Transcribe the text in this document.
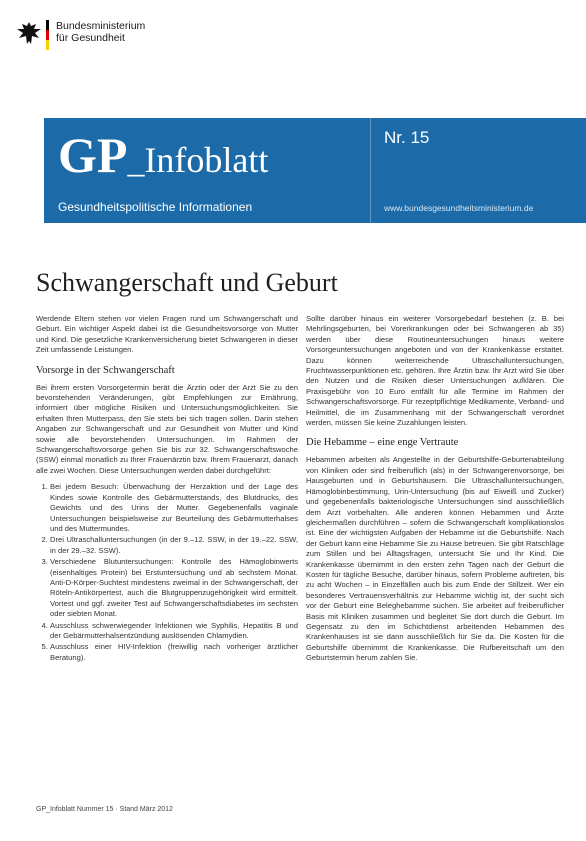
Bundesministerium
für Gesundheit
GP_Infoblatt
Gesundheitspolitische Informationen
Nr. 15
www.bundesgesundheitsministerium.de
Schwangerschaft und Geburt

Werdende Eltern stehen vor vielen Fragen rund um Schwangerschaft und Geburt. Ein wichtiger Aspekt dabei ist die Gesundheitsvorsorge von Mutter und Kind. Die gesetzliche Krankenversicherung bietet Schwangeren in dieser Zeit umfassende Leistungen.

Vorsorge in der Schwangerschaft

Bei ihrem ersten Vorsorgetermin berät die Ärztin oder der Arzt Sie zu den bevorstehenden Veränderungen, gibt Empfehlungen zur Ernährung, informiert über mögliche Risiken und Untersuchungsmöglichkeiten. Sie erhalten Ihren Mutterpass, den Sie stets bei sich tragen sollen. Darin stehen Angaben zur Schwangerschaft und zur Gesundheit von Mutter und Kind sowie alle bevorstehenden Untersuchungen. Im Rahmen der Schwangerschaftsvorsorge gehen Sie bis zur 32. Schwangerschaftswoche (SSW) einmal monatlich zu Ihrer Frauenärztin bzw. Ihrem Frauenarzt, danach alle zwei Wochen. Diese Untersuchungen werden dabei durchgeführt:

1. Bei jedem Besuch: Überwachung der Herzaktion und der Lage des Kindes sowie Kontrolle des Gebärmutterstands, des Blutdrucks, des Gewichts und des Urins der Mutter. Gegebenenfalls vaginale Untersuchungen beispielsweise zur Beurteilung des Gebärmutterhalses und des Muttermundes.
2. Drei Ultraschalluntersuchungen (in der 9.–12. SSW, in der 19.–22. SSW, in der 29.–32. SSW).
3. Verschiedene Blutuntersuchungen: Kontrolle des Hämoglobinwerts (eisenhaltiges Protein) bei Erstuntersuchung und ab sechstem Monat. Anti-D-Körper-Suchtest mindestens zweimal in der Schwangerschaft, der Röteln-Antikörpertest, auch die Blutgruppenzugehörigkeit wird ermittelt. Vortest und ggf. zweiter Test auf Schwangerschaftsdiabetes im sechsten oder siebten Monat.
4. Ausschluss schwerwiegender Infektionen wie Syphilis, Hepatitis B und der Gebärmutterhalsentzündung auslösenden Chlamydien.
5. Ausschluss einer HIV-Infektion (freiwillig nach vorheriger ärztlicher Beratung).

Sollte darüber hinaus ein weiterer Vorsorgebedarf bestehen (z. B. bei Mehrlingsgeburten, bei Vorerkrankungen oder bei Schwangeren ab 35) werden über diese Routineuntersuchungen hinaus weitere Vorsorgeuntersuchungen angeboten und von der Krankenkasse erstattet. Dazu können weiterreichende Ultraschalluntersuchungen, Fruchtwasserpunktionen etc. gehören. Ihre Ärztin bzw. Ihr Arzt wird Sie über den Nutzen und die Risiken dieser Untersuchungen aufklären. Die Praxisgebühr von 10 Euro entfällt für alle Termine im Rahmen der Schwangerschaftsvorsorge. Für rezeptpflichtige Medikamente, Verband- und Heilmittel, die im Zusammenhang mit der Schwangerschaft verordnet werden, müssen Sie keine Zuzahlungen leisten.

Die Hebamme – eine enge Vertraute

Hebammen arbeiten als Angestellte in der Geburtshilfe-Geburtenabteilung von Kliniken oder sind freiberuflich (als) in der Schwangerenvorsorge, bei Hausgeburten und in Geburtshäusern. Die Ultraschalluntersuchungen, Hämoglobinbestimmung, Urin-Untersuchung (bis auf Eiweiß und Zucker) und gegebenenfalls bakteriologische Untersuchungen sind ausschließlich dem Arzt vorbehalten. Alle anderen können Hebammen und Ärzte gleichermaßen durchführen – sofern die Schwangerschaft komplikationslos ist. Eine der wichtigsten Aufgaben der Hebamme ist die Geburtshilfe. Nach der Geburt kann eine Hebamme Sie zu Hause betreuen. Sie gibt Ratschläge zum Stillen und bei Alltagsfragen, untersucht Sie und Ihr Kind. Die Krankenkasse übernimmt in den ersten zehn Tagen nach der Geburt die Kosten für tägliche Besuche, darüber hinaus, sofern Probleme auftreten, bis zu acht Wochen – in Einzelfällen auch bis zum Ende der Stillzeit. Wer ein besonderes Vertrauensverhältnis zur Hebamme wichtig ist, der sucht sich vor der Geburt eine Beleghebamme suchen. Sie arbeitet auf freiberuflicher Basis mit Kliniken zusammen und begleitet Sie dort durch die Geburt. Im Gegensatz zu den im Schichtdienst arbeitenden Hebammen des Krankenhauses ist sie dann ausschließlich für Sie da. Die Kosten für die Geburtshilfe übernimmt die Krankenkasse. Die Rufbereitschaft um den Geburtstermin herum zahlen Sie.

GP_Infoblatt Nummer 15 · Stand März 2012
